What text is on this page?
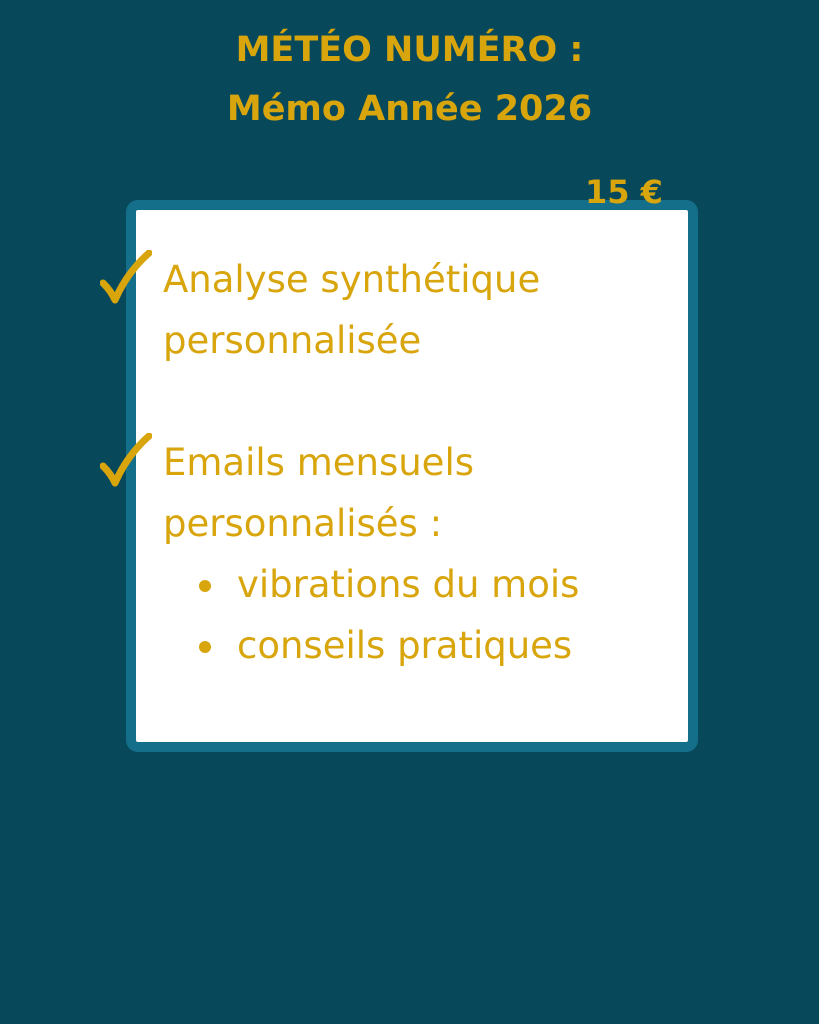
MÉTÉO NUMÉRO :
Mémo Année 2026
15 €
Analyse synthétique
personnalisée
Emails mensuels
personnalisés :
vibrations du mois
conseils pratiques
